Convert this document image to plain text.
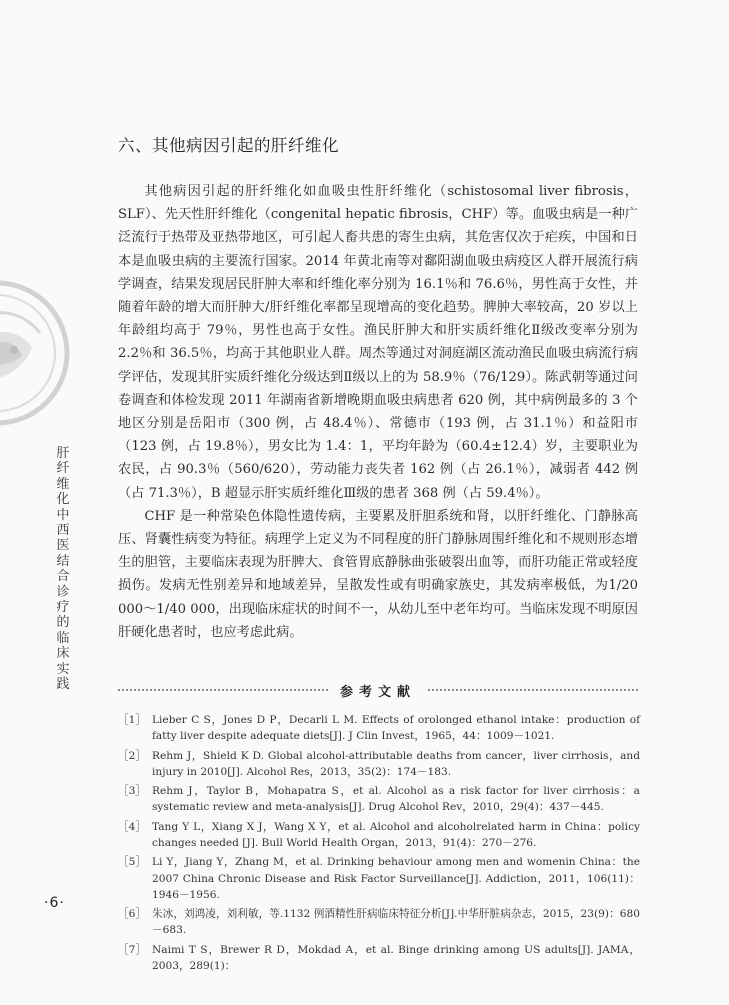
肝纤维化中西医结合诊疗的临床实践
·6·
六、其他病因引起的肝纤维化

其他病因引起的肝纤维化如血吸虫性肝纤维化（schistosomal liver fibrosis，SLF）、先天性肝纤维化（congenital hepatic fibrosis，CHF）等。血吸虫病是一种广泛流行于热带及亚热带地区，可引起人畜共患的寄生虫病，其危害仅次于疟疾，中国和日本是血吸虫病的主要流行国家。2014 年黄北南等对鄱阳湖血吸虫病疫区人群开展流行病学调查，结果发现居民肝肿大率和纤维化率分别为 16.1％和 76.6％，男性高于女性，并随着年龄的增大而肝肿大/肝纤维化率都呈现增高的变化趋势。脾肿大率较高，20 岁以上年龄组均高于 79％，男性也高于女性。渔民肝肿大和肝实质纤维化Ⅱ级改变率分别为 2.2％和 36.5％，均高于其他职业人群。周杰等通过对洞庭湖区流动渔民血吸虫病流行病学评估，发现其肝实质纤维化分级达到Ⅱ级以上的为 58.9％（76/129）。陈武朝等通过问卷调查和体检发现 2011 年湖南省新增晚期血吸虫病患者 620 例，其中病例最多的 3 个地区分别是岳阳市（300 例，占 48.4％）、常德市（193 例，占 31.1％）和益阳市（123 例，占 19.8％），男女比为 1.4：1，平均年龄为（60.4±12.4）岁，主要职业为农民，占 90.3％（560/620），劳动能力丧失者 162 例（占 26.1％），减弱者 442 例（占 71.3％），B 超显示肝实质纤维化Ⅲ级的患者 368 例（占 59.4％）。

CHF 是一种常染色体隐性遗传病，主要累及肝胆系统和肾，以肝纤维化、门静脉高压、肾囊性病变为特征。病理学上定义为不同程度的肝门静脉周围纤维化和不规则形态增生的胆管，主要临床表现为肝脾大、食管胃底静脉曲张破裂出血等，而肝功能正常或轻度损伤。发病无性别差异和地域差异，呈散发性或有明确家族史，其发病率极低，为1/20 000～1/40 000，出现临床症状的时间不一，从幼儿至中老年均可。当临床发现不明原因肝硬化患者时，也应考虑此病。

参考文献
［1］ Lieber C S，Jones D P，Decarli L M. Effects of orolonged ethanol intake：production of fatty liver despite adequate diets[J]. J Clin Invest，1965，44：1009－1021.
［2］ Rehm J，Shield K D. Global alcohol-attributable deaths from cancer，liver cirrhosis，and injury in 2010[J]. Alcohol Res，2013，35(2)：174－183.
［3］ Rehm J，Taylor B，Mohapatra S，et al. Alcohol as a risk factor for liver cirrhosis：a systematic review and meta-analysis[J]. Drug Alcohol Rev，2010，29(4)：437－445.
［4］ Tang Y L，Xiang X J，Wang X Y，et al. Alcohol and alcoholrelated harm in China：policy changes needed [J]. Bull World Health Organ，2013，91(4)：270－276.
［5］ Li Y，Jiang Y，Zhang M，et al. Drinking behaviour among men and womenin China：the 2007 China Chronic Disease and Risk Factor Surveillance[J]. Addiction，2011，106(11)：1946－1956.
［6］ 朱冰，刘鸿凌，刘利敏，等.1132 例酒精性肝病临床特征分析[J].中华肝脏病杂志，2015，23(9)：680－683.
［7］ Naimi T S，Brewer R D，Mokdad A，et al. Binge drinking among US adults[J]. JAMA，2003，289(1)：
